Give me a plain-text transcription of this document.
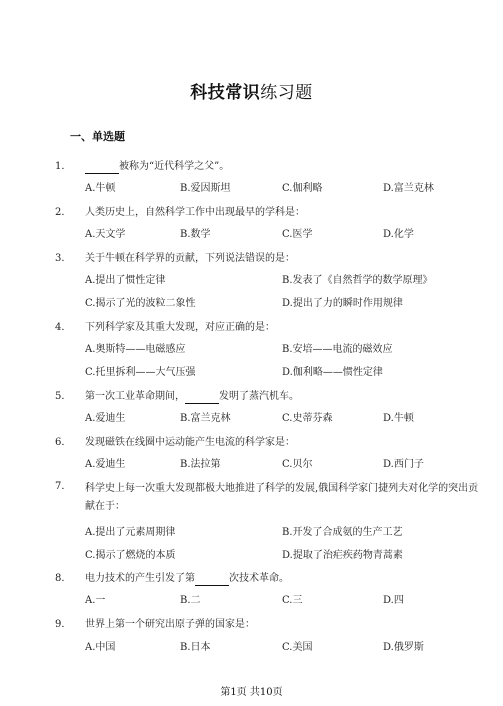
科技常识练习题
一、单选题
1．	被称为“近代科学之父”。
A.牛顿	B.爱因斯坦	C.伽利略	D.富兰克林
2．	人类历史上，自然科学工作中出现最早的学科是：
A.天文学	B.数学	C.医学	D.化学
3．	关于牛顿在科学界的贡献，下列说法错误的是：
A.提出了惯性定律	B.发表了《自然哲学的数学原理》
C.揭示了光的波粒二象性	D.提出了力的瞬时作用规律
4．	下列科学家及其重大发现，对应正确的是：
A.奥斯特——电磁感应	B.安培——电流的磁效应
C.托里拆利——大气压强	D.伽利略——惯性定律
5．	第一次工业革命期间，	发明了蒸汽机车。
A.爱迪生	B.富兰克林	C.史蒂芬森	D.牛顿
6．	发现磁铁在线圈中运动能产生电流的科学家是：
A.爱迪生	B.法拉第	C.贝尔	D.西门子
7．	科学史上每一次重大发现都极大地推进了科学的发展,俄国科学家门捷列夫对化学的突出贡献在于：
A.提出了元素周期律	B.开发了合成氨的生产工艺
C.揭示了燃烧的本质	D.提取了治疟疾药物青蒿素
8．	电力技术的产生引发了第	次技术革命。
A.一	B.二	C.三	D.四
9．	世界上第一个研究出原子弹的国家是：
A.中国	B.日本	C.美国	D.俄罗斯
第1页 共10页
